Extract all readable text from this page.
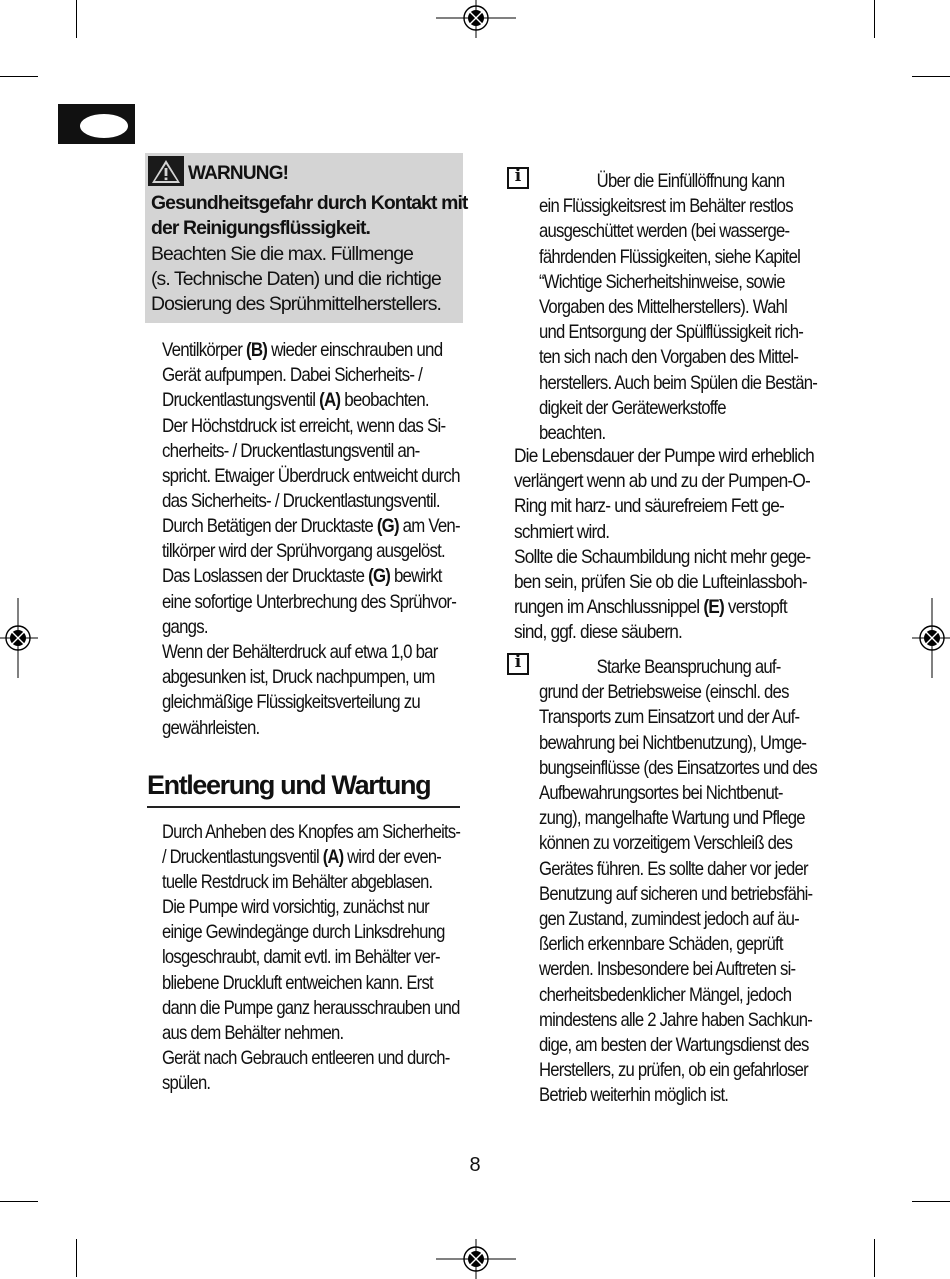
WARNUNG!
Gesundheitsgefahr durch Kontakt mit
der Reinigungsflüssigkeit.
Beachten Sie die max. Füllmenge
(s. Technische Daten) und die richtige
Dosierung des Sprühmittelherstellers.
Ventilkörper (B) wieder einschrauben und
Gerät aufpumpen. Dabei Sicherheits- /
Druckentlastungsventil (A) beobachten.
Der Höchstdruck ist erreicht, wenn das Si-
cherheits- / Druckentlastungsventil an-
spricht. Etwaiger Überdruck entweicht durch
das Sicherheits- / Druckentlastungsventil.
Durch Betätigen der Drucktaste (G) am Ven-
tilkörper wird der Sprühvorgang ausgelöst.
Das Loslassen der Drucktaste (G) bewirkt
eine sofortige Unterbrechung des Sprühvor-
gangs.
Wenn der Behälterdruck auf etwa 1,0 bar
abgesunken ist, Druck nachpumpen, um
gleichmäßige Flüssigkeitsverteilung zu
gewährleisten.
Entleerung und Wartung
Durch Anheben des Knopfes am Sicherheits-
/ Druckentlastungsventil (A) wird der even-
tuelle Restdruck im Behälter abgeblasen.
Die Pumpe wird vorsichtig, zunächst nur
einige Gewindegänge durch Linksdrehung
losgeschraubt, damit evtl. im Behälter ver-
bliebene Druckluft entweichen kann. Erst
dann die Pumpe ganz herausschrauben und
aus dem Behälter nehmen.
Gerät nach Gebrauch entleeren und durch-
spülen.
i	Über die Einfüllöffnung kann
ein Flüssigkeitsrest im Behälter restlos
ausgeschüttet werden (bei wasserge-
fährdenden Flüssigkeiten, siehe Kapitel
“Wichtige Sicherheitshinweise, sowie
Vorgaben des Mittelherstellers). Wahl
und Entsorgung der Spülflüssigkeit rich-
ten sich nach den Vorgaben des Mittel-
herstellers. Auch beim Spülen die Bestän-
digkeit der Gerätewerkstoffe
beachten.
Die Lebensdauer der Pumpe wird erheblich
verlängert wenn ab und zu der Pumpen-O-
Ring mit harz- und säurefreiem Fett ge-
schmiert wird.
Sollte die Schaumbildung nicht mehr gege-
ben sein, prüfen Sie ob die Lufteinlassboh-
rungen im Anschlussnippel (E) verstopft
sind, ggf. diese säubern.
i	Starke Beanspruchung auf-
grund der Betriebsweise (einschl. des
Transports zum Einsatzort und der Auf-
bewahrung bei Nichtbenutzung), Umge-
bungseinflüsse (des Einsatzortes und des
Aufbewahrungsortes bei Nichtbenut-
zung), mangelhafte Wartung und Pflege
können zu vorzeitigem Verschleiß des
Gerätes führen. Es sollte daher vor jeder
Benutzung auf sicheren und betriebsfähi-
gen Zustand, zumindest jedoch auf äu-
ßerlich erkennbare Schäden, geprüft
werden. Insbesondere bei Auftreten si-
cherheitsbedenklicher Mängel, jedoch
mindestens alle 2 Jahre haben Sachkun-
dige, am besten der Wartungsdienst des
Herstellers, zu prüfen, ob ein gefahrloser
Betrieb weiterhin möglich ist.
8
